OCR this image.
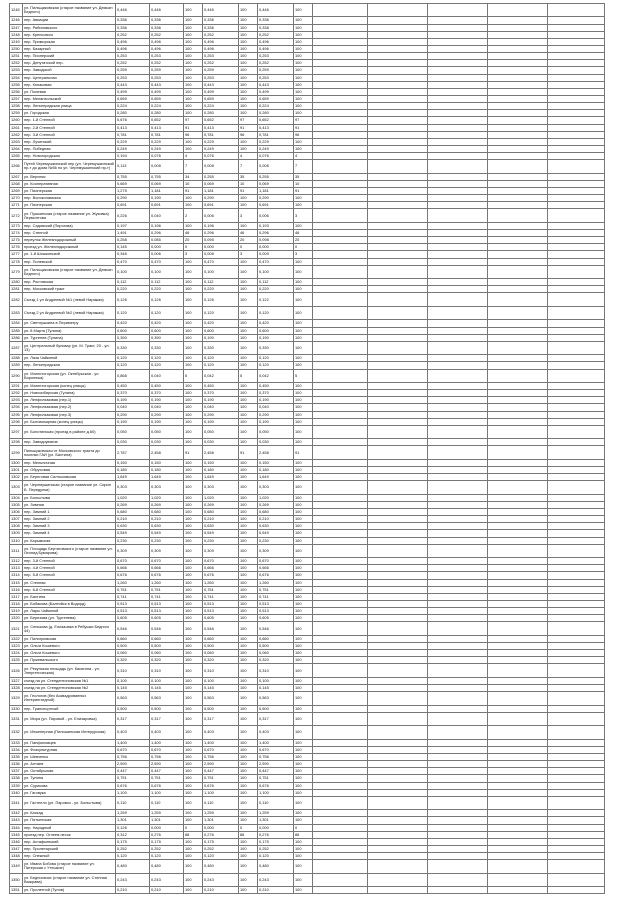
1245	ул. Пильщиковская (старое название ул. Демьян Бедного)	0,446	0,446	100	0,446	100	0,446	100					
1246	пер. Авиации	0,336	0,336	100	0,336	100	0,336	100					
1247	пер. Рябиновского	0,336	0,336	100	0,336	100	0,338	100					
1248	пер. Крепсового	0,252	0,252	100	0,252	100	0,252	100					
1249	пер. Приморская	0,496	0,496	100	0,496	100	0,496	100					
1250	пер. Базарный	0,496	0,496	100	0,496	100	0,496	100					
1251	пер. Пионерский	0,253	0,253	100	0,253	100	0,253	100					
1252	пер. Депутатской пер.	0,252	0,252	100	0,252	100	0,252	100					
1253	пер. Заводской	0,259	0,259	100	0,259	100	0,259	100					
1254	пер. Центральная	0,253	0,253	100	0,253	100	0,253	100					
1255	пер. Конаковая	0,443	0,443	100	0,443	100	0,443	100					
1256	ул. Полевая	0,499	0,499	100	0,499	100	0,499	100					
1257	пер. Меланхольский	0,659	0,659	100	0,659	100	0,659	100					
1258	пер. Ленинградская улица	0,224	0,224	100	0,224	100	0,224	100					
1259	ул. Городская	0,280	0,280	100	0,280	100	0,280	100					
1260	пер. 1-й Степной	0,676	0,652	97	0,652	97	0,652	97					
1261	пер. 2-й Степной	0,413	0,413	91	0,413	91	0,413	91					
1262	пер. 3-й Степной	0,781	0,781	96	0,781	96	0,781	96					
1263	пер. Лучинский	0,229	0,229	100	0,229	100	0,229	100					
1264	пер. Победная	0,249	0,249	100	0,249	100	0,249	100					
1265	пер. Новогородская	0,194	0,076	4	0,076	4	0,076	4					
1266	Путей Черемушкинский пер (ул. Черемушкинский пр-т до дома №56 по ул. Черемушкинский пр-т)	0,113	0,008	7	0,008	7	0,008	7					
1267	ул. Верхняя	0,755	0,755	34	0,255	35	0,255	35					
1268	ул. Кооперативная	0,669	0,069	10	0,069	10	0,069	10					
1269	ул. Пионерская	1,275	1,181	91	1,181	91	1,181	91					
1270	пер. Волоколамская	0,290	0,190	100	0,290	100	0,290	100					
1271	ул. Пионерская	0,691	0,691	100	0,691	100	0,691	100					
1272	ул. Пушкинская (старое название ул. Жуковка) Лермонтова	0,226	0,040	2	0,006	3	0,006	3					
1273	пер. Садовский (Пирогова)	0,197	0,196	100	0,196	100	0,193	100					
1274	пер. Степной	1,491	0,296	46	0,296	46	0,296	46					
1275	переулок Железнодорожный	0,258	0,085	20	0,095	20	0,098	20					
1276	проезд ул. Железнодорожный	0,145	0,000	0	0,000	0	0,000	0					
1277	ул. 1-й Шишкинский	0,346	0,006	3	0,008	3	0,009	3					
1278	пер. Полевской	0,470	0,470	100	0,470	100	0,470	100					
1279	ул. Пильщиковская (старое название ул. Демьян Бедного)	0,100	0,100	100	0,100	100	0,100	100					
1280	пер. Ростовская	0,112	0,112	100	0,112	100	0,112	100					
1281	пер. Московский тракт	0,220	0,220	100	0,220	100	0,220	100					
1282	Съезд 1 ул Андреевой №1 (левой Наряжая)	0,126	0,126	100	0,126	100	0,122	100					
1283	Съезд 2 ул Андреевой №2 (левой Наряжая)	0,120	0,120	100	0,120	100	0,120	100					
1284	ул. Светлушкина в Периметру	0,420	0,420	100	0,420	100	0,420	100					
1285	ул. 8 Марта (Тулина)	0,600	0,600	100	0,600	100	0,600	100					
1286	ул. Тургенев (Тулина)	0,390	0,390	100	0,190	100	0,190	100					
1287	ул. Центральный бульвар (ул. М. Тракт, 20 - ул. 13)	0,330	0,330	100	0,330	100	0,330	100					
1288	ул. Лаза Чайкиной	0,120	0,120	100	0,120	100	0,120	100					
1289	пер. Ленинградская	0,120	0,120	100	0,120	100	0,120	100					
1290	ул. Магнитогорская (ул. Октябрьская - ул. Воронежа)	0,868	0,040	5	0,042	5	0,042	5					
1291	ул. Магнитогорская (конец улицы)	0,450	0,450	100	0,450	100	0,450	100					
1292	ул. Новосибирская (Тулина)	0,370	0,370	100	0,370	100	0,370	100					
1293	ул. Ленфильмовая (пер.1)	0,190	0,190	100	0,190	100	0,190	100					
1294	ул. Ленфильмовая (пер.2)	0,040	0,040	100	0,040	100	0,040	100					
1295	ул. Ленфильмовая (пер.3)	0,290	0,290	100	0,290	100	0,290	100					
1296	ул. Бытовизарная (конец улицы)	0,190	0,190	100	0,190	100	0,190	100					
1297	ул. Болотинская (проезд в районе д.60)	0,050	0,050	100	0,050	100	0,050	100					
1298	пер. Заводоуватов	0,030	0,030	100	0,030	100	0,030	100					
1299	Пильщиковская от Московского тракта до поселки ГАИ (ул. Бахтина)	2,787	2,458	91	2,458	91	2,458	91					
1300	пер. Мельничная	0,150	0,150	100	0,150	100	0,150	100					
1301	ул. Обрусовая	0,180	0,180	100	0,180	100	0,180	100					
1302	ул. Береговая Салтыковская	1,649	1,649	100	1,649	100	1,649	100					
1303	ул. Черемушинская (старое название ул. Сирин Б. Передулки)	0,303	0,303	100	0,303	100	0,303	100					
1304	ул. Больстыва	1,020	1,020	100	1,020	100	1,020	100					
1305	ул. Зимняя	0,269	0,269	100	0,269	100	0,269	100					
1306	пер. Зимний 1	0,680	0,680	100	0,680	100	0,680	100					
1307	пер. Зимний 2	0,210	0,210	100	0,210	100	0,210	100					
1308	пер. Зимний 3	0,630	0,630	100	0,630	100	0,630	100					
1309	пер. Зимний 4	0,549	0,549	100	0,549	100	0,549	100					
1310	ул. Карымская	0,230	0,230	100	0,230	100	0,230	100					
1311	ул. Площадь Бертиговского (старое название ул. Леонид Бумарова)	0,309	0,309	100	0,309	100	0,309	100					
1312	пер. 3-й Степной	0,670	0,670	100	0,670	100	0,670	100					
1313	пер. 4-й Степной	0,666	0,666	100	0,666	100	0,666	100					
1314	пер. 5-й Степной	0,676	0,676	100	0,676	100	0,676	100					
1315	ул. Степная	1,260	1,260	100	1,260	100	1,260	100					
1316	пер. 6-й Степной	0,751	0,751	100	0,751	100	0,751	100					
1317	ул. Бахтина	0,741	0,741	100	0,741	100	0,741	100					
1318	ул. Бобакова (Балтийск в Водорд)	0,513	0,513	100	0,513	100	0,513	100					
1319	ул. Лары Чайкиной	0,513	0,513	100	0,513	100	0,513	100					
1320	ул. Березова (ул. Тургенева)	0,605	0,605	100	0,605	100	0,605	100					
1321	ул. Сенькова (д. Елизаовка в Ребушки Бедного 44)	0,546	0,546	100	0,546	100	0,546	100					
1322	ул. Пилигримская	0,660	0,660	100	0,660	100	0,660	100					
1323	ул. Ольги Кошевого	0,500	0,500	100	0,500	100	0,500	100					
1324	ул. Ольги Кошевого	0,060	0,060	100	0,060	100	0,060	100					
1325	ул. Пржевальского	0,320	0,320	100	0,320	100	0,320	100					
1326	ул. Рекунская площадь (ул. Касигина - ул. Энергетическая)	0,310	0,310	100	0,310	100	0,310	100					
1327	съезд на ул. Стендентоновская №1	0,100	0,100	100	0,100	100	0,100	100					
1328	съезд на ул. Стендентоновская №2	0,145	0,145	100	0,145	100	0,145	100					
1329	ул. Геологов (без Асквадрованных Интерингатдной)	0,563	0,563	100	0,563	100	0,563	100					
1330	пер. Транспортный	0,500	0,500	100	0,500	100	0,500	100					
1331	ул. Мира (ул. Паровой - ул. Елизаровка)	0,317	0,317	100	0,317	100	0,317	100					
1332	ул. Инженерная (Пилишинская Интерурская)	0,403	0,403	100	0,403	100	0,403	100					
1333	ул. Панфиловцев	1,400	1,400	100	1,400	100	1,400	100					
1334	ул. Физкультурная	0,670	0,670	100	0,670	100	0,670	100					
1335	ул. Шевченко	0,756	0,756	100	0,756	100	0,756	100					
1336	ул. Алтаев	2,590	2,590	100	2,590	100	2,590	100					
1337	ул. Октябрьская	0,447	0,447	100	0,447	100	0,447	100					
1338	ул. Тулина	0,751	0,751	100	0,751	100	0,751	100					
1339	ул. Сурикова	0,676	0,676	100	0,676	100	0,676	100					
1340	ул. Гаговука	1,100	1,100	100	1,100	100	1,100	100					
1341	ул. Гастелло (ул. Паровоз - ул. Больстыва)	0,110	0,110	100	0,110	100	0,110	100					
1342	ул. Каскад	1,259	1,259	100	1,259	100	1,259	100					
1343	ул. Пятьенская	1,301	1,301	100	1,301	100	1,301	100					
1344	пер. Народный	0,126	0,000	0	0,000	0	0,000	0					
1345	проезд пер. Огнеев-песок	0,312	0,276	88	0,276	88	0,276	88					
1346	пер. Астафьевский	0,175	0,175	100	0,175	100	0,175	100					
1347	пер. Пролетарский	0,252	0,252	100	0,252	100	0,252	100					
1348	пер. Снежный	0,120	0,120	100	0,120	100	0,120	100					
1349	ул. Ивана Бобова (старое название ул. Питерская с Утешкое)	0,480	0,480	100	0,480	100	0,480	100					
1350	ул. Бедносвоих (старое название ул. Степная Выжрава)	0,243	0,243	100	0,243	100	0,243	100					
1351	ул. Пролетной (Тулов)	0,210	0,210	100	0,210	100	0,210	100					
